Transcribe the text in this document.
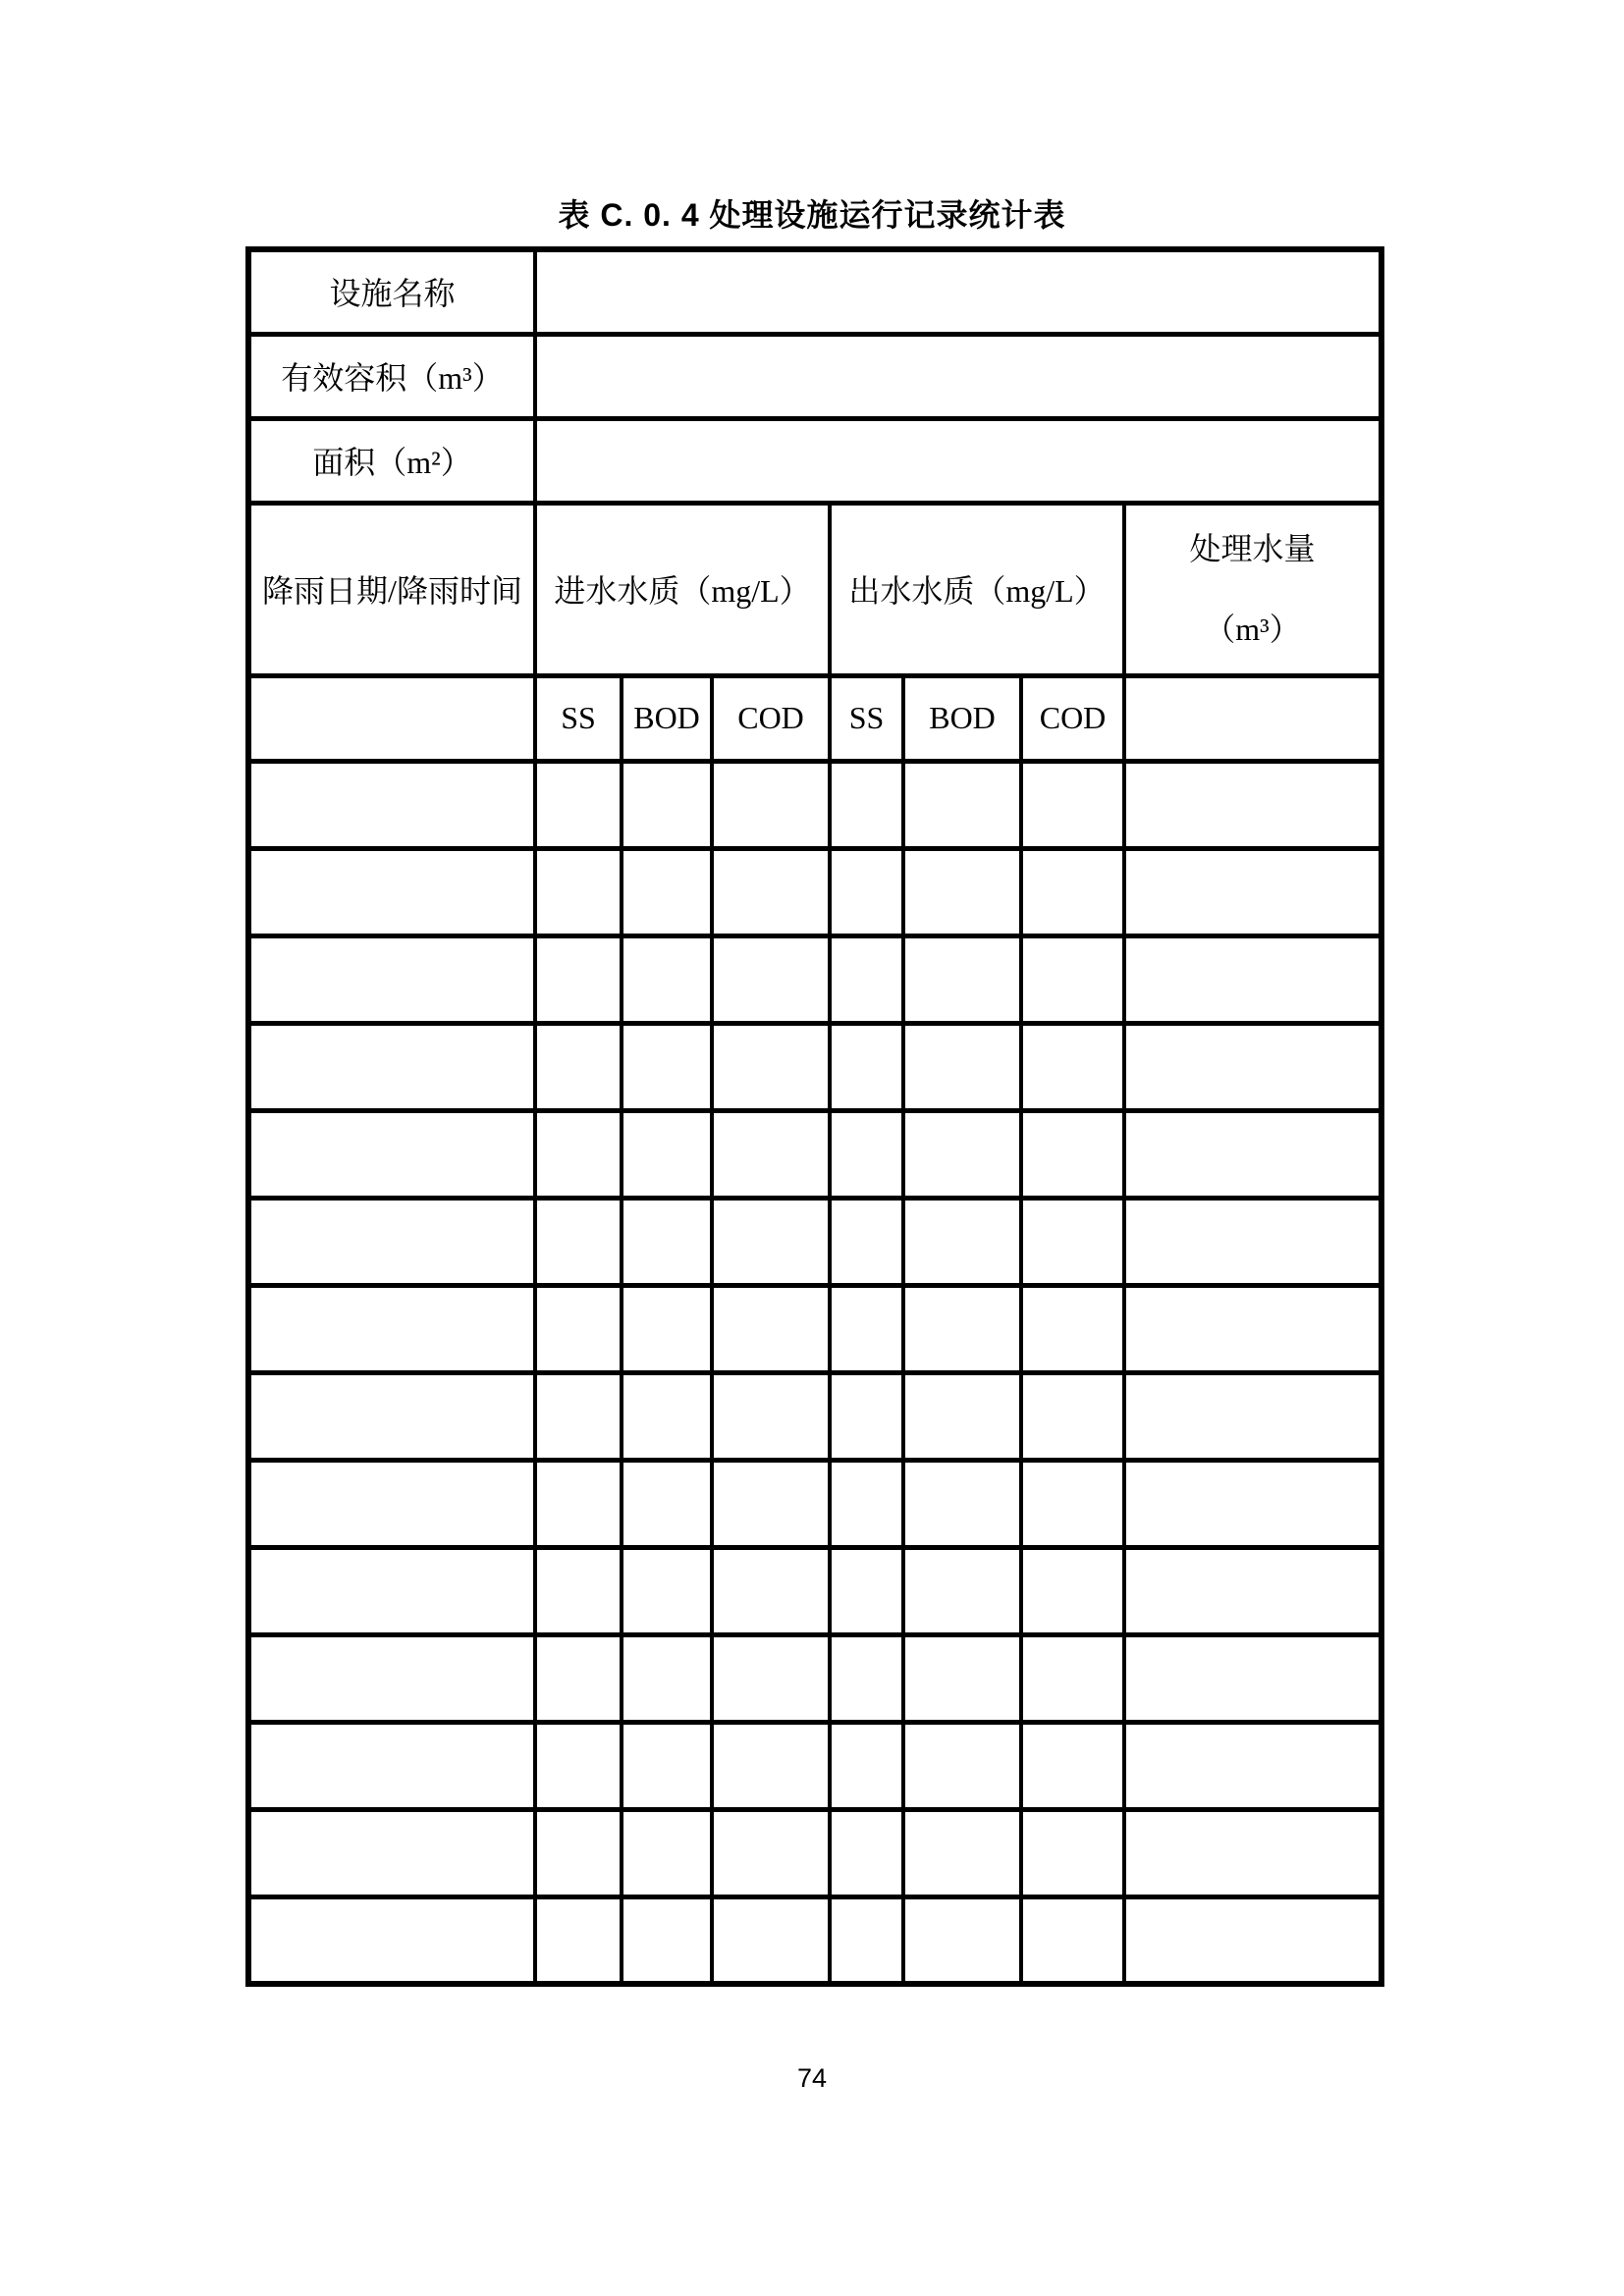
表 C. 0. 4 处理设施运行记录统计表
设施名称							
有效容积（m³）							
面积（m²）							
降雨日期/降雨时间	进水水质（mg/L）			出水水质（mg/L）			处理水量
（m³）

	SS	BOD	COD	SS	BOD	COD	

74
